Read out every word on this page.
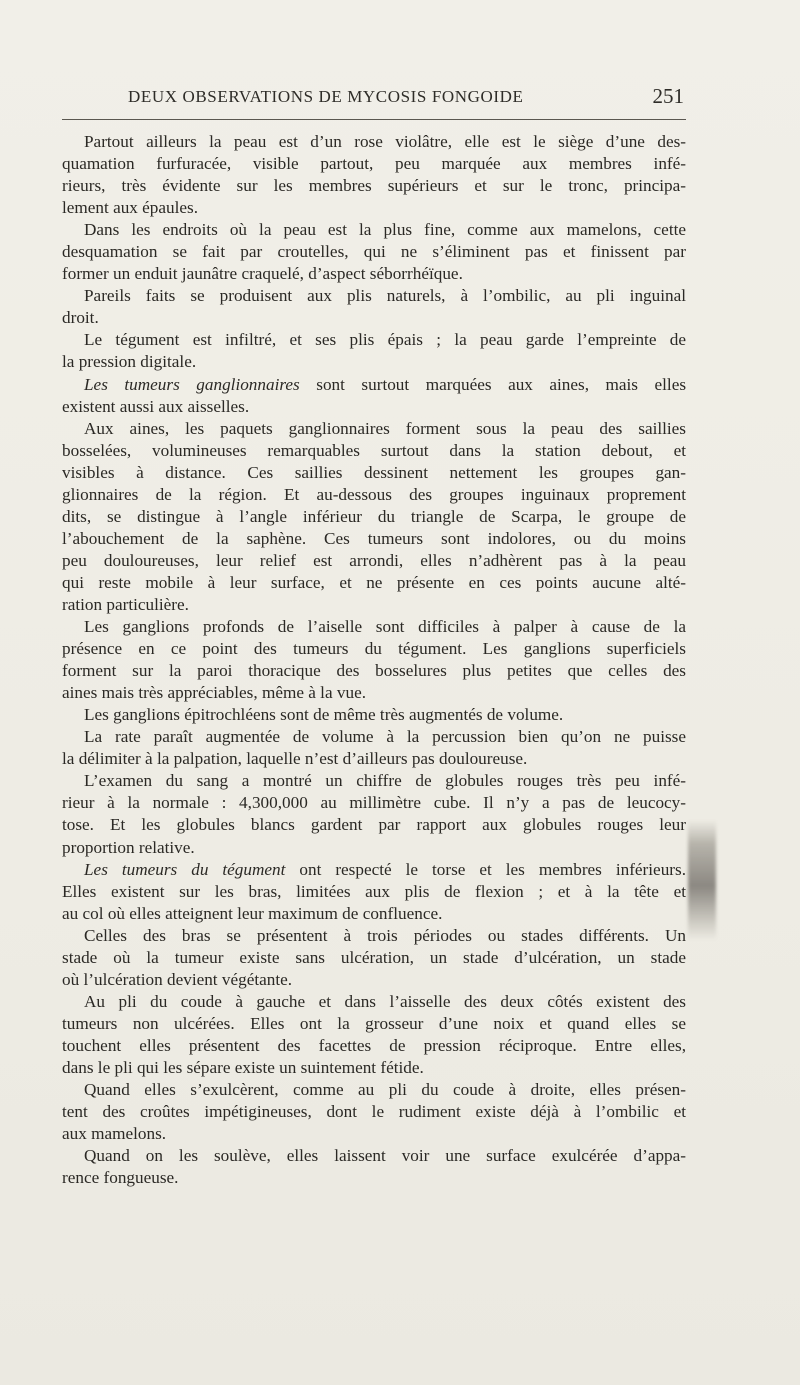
DEUX OBSERVATIONS DE MYCOSIS FONGOIDE	251
Partout ailleurs la peau est d’un rose violâtre, elle est le siège d’une des-
quamation furfuracée, visible partout, peu marquée aux membres infé-
rieurs, très évidente sur les membres supérieurs et sur le tronc, principa-
lement aux épaules.
Dans les endroits où la peau est la plus fine, comme aux mamelons, cette
desquamation se fait par croutelles, qui ne s’éliminent pas et finissent par
former un enduit jaunâtre craquelé, d’aspect séborrhéïque.
Pareils faits se produisent aux plis naturels, à l’ombilic, au pli inguinal
droit.
Le tégument est infiltré, et ses plis épais ; la peau garde l’empreinte de
la pression digitale.
Les tumeurs ganglionnaires sont surtout marquées aux aines, mais elles
existent aussi aux aisselles.
Aux aines, les paquets ganglionnaires forment sous la peau des saillies
bosselées, volumineuses remarquables surtout dans la station debout, et
visibles à distance. Ces saillies dessinent nettement les groupes gan-
glionnaires de la région. Et au-dessous des groupes inguinaux proprement
dits, se distingue à l’angle inférieur du triangle de Scarpa, le groupe de
l’abouchement de la saphène. Ces tumeurs sont indolores, ou du moins
peu douloureuses, leur relief est arrondi, elles n’adhèrent pas à la peau
qui reste mobile à leur surface, et ne présente en ces points aucune alté-
ration particulière.
Les ganglions profonds de l’aiselle sont difficiles à palper à cause de la
présence en ce point des tumeurs du tégument. Les ganglions superficiels
forment sur la paroi thoracique des bosselures plus petites que celles des
aines mais très appréciables, même à la vue.
Les ganglions épitrochléens sont de même très augmentés de volume.
La rate paraît augmentée de volume à la percussion bien qu’on ne puisse
la délimiter à la palpation, laquelle n’est d’ailleurs pas douloureuse.
L’examen du sang a montré un chiffre de globules rouges très peu infé-
rieur à la normale : 4,300,000 au millimètre cube. Il n’y a pas de leucocy-
tose. Et les globules blancs gardent par rapport aux globules rouges leur
proportion relative.
Les tumeurs du tégument ont respecté le torse et les membres inférieurs.
Elles existent sur les bras, limitées aux plis de flexion ; et à la tête et
au col où elles atteignent leur maximum de confluence.
Celles des bras se présentent à trois périodes ou stades différents. Un
stade où la tumeur existe sans ulcération, un stade d’ulcération, un stade
où l’ulcération devient végétante.
Au pli du coude à gauche et dans l’aisselle des deux côtés existent des
tumeurs non ulcérées. Elles ont la grosseur d’une noix et quand elles se
touchent elles présentent des facettes de pression réciproque. Entre elles,
dans le pli qui les sépare existe un suintement fétide.
Quand elles s’exulcèrent, comme au pli du coude à droite, elles présen-
tent des croûtes impétigineuses, dont le rudiment existe déjà à l’ombilic et
aux mamelons.
Quand on les soulève, elles laissent voir une surface exulcérée d’appa-
rence fongueuse.
